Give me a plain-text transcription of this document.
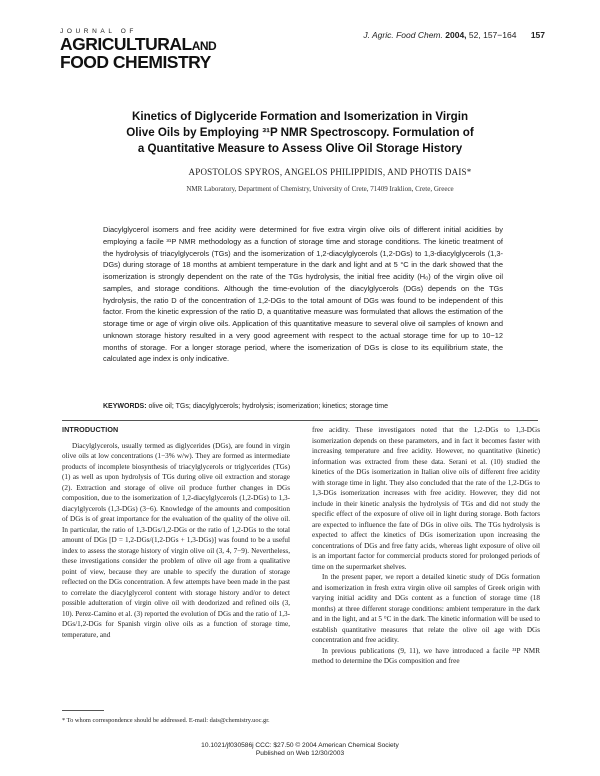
JOURNAL OF
AGRICULTURALAND
FOOD CHEMISTRY
J. Agric. Food Chem. 2004, 52, 157−164 157
Kinetics of Diglyceride Formation and Isomerization in Virgin
Olive Oils by Employing ³¹P NMR Spectroscopy. Formulation of
a Quantitative Measure to Assess Olive Oil Storage History
APOSTOLOS SPYROS, ANGELOS PHILIPPIDIS, AND PHOTIS DAIS*
NMR Laboratory, Department of Chemistry, University of Crete, 71409 Iraklion, Crete, Greece
Diacylglycerol isomers and free acidity were determined for five extra virgin olive oils of different initial acidities by employing a facile ³¹P NMR methodology as a function of storage time and storage conditions. The kinetic treatment of the hydrolysis of triacylglycerols (TGs) and the isomerization of 1,2-diacylglycerols (1,2-DGs) to 1,3-diacylglycerols (1,3-DGs) during storage of 18 months at ambient temperature in the dark and light and at 5 °C in the dark showed that the isomerization is strongly dependent on the rate of the TGs hydrolysis, the initial free acidity (H₀) of the virgin olive oil samples, and storage conditions. Although the time-evolution of the diacylglycerols (DGs) depends on the TGs hydrolysis, the ratio D of the concentration of 1,2-DGs to the total amount of DGs was found to be independent of this factor. From the kinetic expression of the ratio D, a quantitative measure was formulated that allows the estimation of the storage time or age of virgin olive oils. Application of this quantitative measure to several olive oil samples of known and unknown storage history resulted in a very good agreement with respect to the actual storage time for up to 10−12 months of storage. For a longer storage period, where the isomerization of DGs is close to its equilibrium state, the calculated age index is only indicative.
KEYWORDS: olive oil; TGs; diacylglycerols; hydrolysis; isomerization; kinetics; storage time
INTRODUCTION

Diacylglycerols, usually termed as diglycerides (DGs), are found in virgin olive oils at low concentrations (1−3% w/w). They are formed as intermediate products of incomplete biosynthesis of triacylglycerols or triglycerides (TGs) (1) as well as upon hydrolysis of TGs during olive oil extraction and storage (2). Extraction and storage of olive oil produce further changes in DGs composition, due to the isomerization of 1,2-diacylglycerols (1,2-DGs) to 1,3-diacylglycerols (1,3-DGs) (3−6). Knowledge of the amounts and composition of DGs is of great importance for the evaluation of the quality of the olive oil. In particular, the ratio of 1,3-DGs/1,2-DGs or the ratio of 1,2-DGs to the total amount of DGs [D = 1,2-DGs/(1,2-DGs + 1,3-DGs)] was found to be a useful index to assess the storage history of virgin olive oil (3, 4, 7−9). Nevertheless, these investigations consider the problem of olive oil age from a qualitative point of view, because they are unable to specify the duration of storage reflected on the DGs concentration. A few attempts have been made in the past to correlate the diacylglycerol content with storage history and/or to detect possible adulteration of virgin olive oil with deodorized and refined oils (3, 10). Perez-Camino et al. (3) reported the evolution of DGs and the ratio of 1,3-DGs/1,2-DGs for Spanish virgin olive oils as a function of storage time, temperature, and

free acidity. These investigators noted that the 1,2-DGs to 1,3-DGs isomerization depends on these parameters, and in fact it becomes faster with increasing temperature and free acidity. However, no quantitative (kinetic) information was extracted from these data. Serani et al. (10) studied the kinetics of the DGs isomerization in Italian olive oils of different free acidity with storage time in light. They also concluded that the rate of the 1,2-DGs to 1,3-DGs isomerization increases with free acidity. However, they did not include in their kinetic analysis the hydrolysis of TGs and did not study the specific effect of the exposure of olive oil in light during storage. Both factors are expected to influence the fate of DGs in olive oils. The TGs hydrolysis is expected to affect the kinetics of DGs isomerization upon increasing the concentrations of DGs and free fatty acids, whereas light exposure of olive oil is an important factor for commercial products stored for prolonged periods of time on the supermarket shelves.

In the present paper, we report a detailed kinetic study of DGs formation and isomerization in fresh extra virgin olive oil samples of Greek origin with varying initial acidity and DGs content as a function of storage time (18 months) at three different storage conditions: ambient temperature in the dark and in the light, and at 5 °C in the dark. The kinetic information will be used to establish quantitative measures that relate the olive oil age with DGs concentration and free acidity.

In previous publications (9, 11), we have introduced a facile ³¹P NMR method to determine the DGs composition and free

* To whom correspondence should be addressed. E-mail: dais@chemistry.uoc.gr.
10.1021/jf030586j CCC: $27.50 © 2004 American Chemical Society
Published on Web 12/30/2003
